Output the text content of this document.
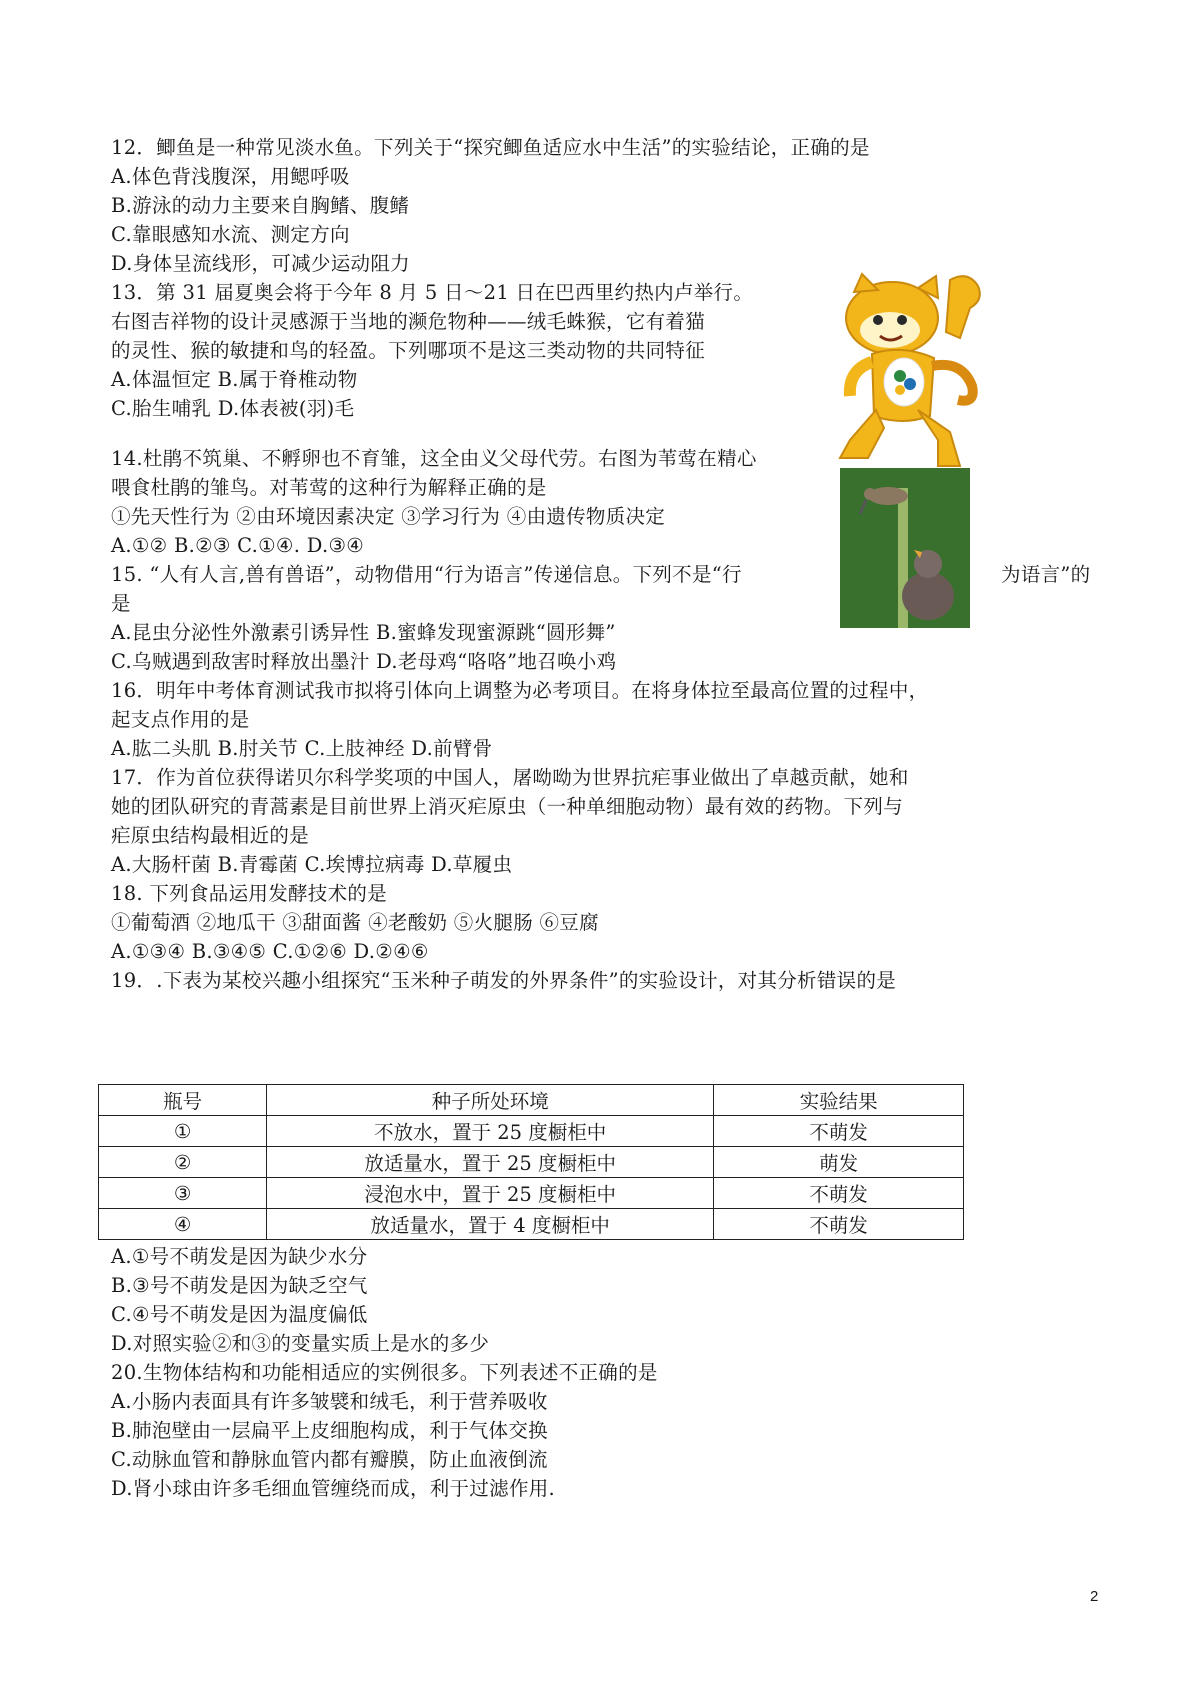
12．鲫鱼是一种常见淡水鱼。下列关于“探究鲫鱼适应水中生活”的实验结论，正确的是
A.体色背浅腹深，用鳃呼吸
B.游泳的动力主要来自胸鳍、腹鳍
C.靠眼感知水流、测定方向
D.身体呈流线形，可减少运动阻力
13．第 31 届夏奥会将于今年 8 月 5 日～21 日在巴西里约热内卢举行。
右图吉祥物的设计灵感源于当地的濒危物种——绒毛蛛猴，它有着猫
的灵性、猴的敏捷和鸟的轻盈。下列哪项不是这三类动物的共同特征
A.体温恒定 B.属于脊椎动物
C.胎生哺乳 D.体表被(羽)毛
14.杜鹃不筑巢、不孵卵也不育雏，这全由义父母代劳。右图为苇莺在精心
喂食杜鹃的雏鸟。对苇莺的这种行为解释正确的是
①先天性行为 ②由环境因素决定 ③学习行为 ④由遗传物质决定
A.①② B.②③ C.①④. D.③④
15. “人有人言,兽有兽语”，动物借用“行为语言”传递信息。下列不是“行	为语言”的
是
A.昆虫分泌性外激素引诱异性 B.蜜蜂发现蜜源跳“圆形舞”
C.乌贼遇到敌害时释放出墨汁 D.老母鸡“咯咯”地召唤小鸡
16．明年中考体育测试我市拟将引体向上调整为必考项目。在将身体拉至最高位置的过程中，
起支点作用的是
A.肱二头肌 B.肘关节 C.上肢神经 D.前臂骨
17．作为首位获得诺贝尔科学奖项的中国人，屠呦呦为世界抗疟事业做出了卓越贡献，她和
她的团队研究的青蒿素是目前世界上消灭疟原虫（一种单细胞动物）最有效的药物。下列与
疟原虫结构最相近的是
A.大肠杆菌 B.青霉菌 C.埃博拉病毒 D.草履虫
18. 下列食品运用发酵技术的是
①葡萄酒 ②地瓜干 ③甜面酱 ④老酸奶 ⑤火腿肠 ⑥豆腐
A.①③④ B.③④⑤ C.①②⑥ D.②④⑥
19．.下表为某校兴趣小组探究“玉米种子萌发的外界条件”的实验设计，对其分析错误的是
瓶号	种子所处环境	实验结果
①	不放水，置于 25 度橱柜中	不萌发
②	放适量水，置于 25 度橱柜中	萌发
③	浸泡水中，置于 25 度橱柜中	不萌发
④	放适量水，置于 4 度橱柜中	不萌发
A.①号不萌发是因为缺少水分
B.③号不萌发是因为缺乏空气
C.④号不萌发是因为温度偏低
D.对照实验②和③的变量实质上是水的多少
20.生物体结构和功能相适应的实例很多。下列表述不正确的是
A.小肠内表面具有许多皱襞和绒毛，利于营养吸收
B.肺泡壁由一层扁平上皮细胞构成，利于气体交换
C.动脉血管和静脉血管内都有瓣膜，防止血液倒流
D.肾小球由许多毛细血管缠绕而成，利于过滤作用.
2
